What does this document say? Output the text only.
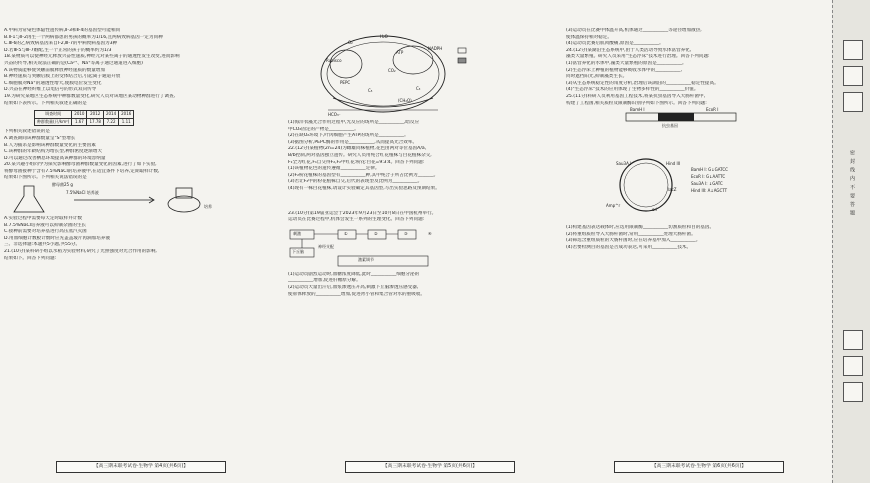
A.甲病为常染色体隐性遗传病,Ⅱ-3和Ⅱ-4的基因型可能相同
B.Ⅱ-1与Ⅱ-2再生一个两病都患的男孩的概率为1/16,且两病致病基因一定为同种
C.Ⅲ-6的乙病致病基因来自Ⅰ-2,Ⅲ-7的甲病致病基因为3种
D.若Ⅲ-5与Ⅲ-7婚配,生一个正常的孩子的概率约为1/3
18.某物质可以使神经元释放兴奋性递质,神经元对某些离子的通透性发生改变,进而影响
兴奋的传导,相关说法正确的是(Ca²⁺、Na⁺等离子通过通道进入细胞)
A.该物质能够使突触前膜释放神经递质的数量增加
B.神经递质与突触后膜上的受体结合后,引起离子通道开放
C.细胞膜对Na⁺的通透性增大,使膜电位发生变化
D.兴奋在神经纤维上以电信号的形式双向传导
19.为研究某地区生态系统中种群数量变化,研究人员对该地区某动物种群进行了调查,
结果如下表所示。下列相关叙述正确的是
调查时间	2010	2012	2014	2016
种群数量(只/km²)	1.67	17.78	7.22	1.11
下列相关叙述错误的是
A.调查期间该种群数量呈"S"型增长
B.人为捕杀是影响该种群数量变化的主要因素
C.该种群的年龄结构为增长型,种群密度逐渐增大
D.可以通过改善栖息环境提高该种群的环境容纳量
20.某兴趣小组同学为探究影响酵母菌种群数量变化的因素,进行了如下实验,
将酵母菌接种于含有7.5%NaCl的培养液中,在适宜条件下培养,定期取样计数,
结果如下图所示。下列相关说法错误的是
酵母菌25 g
7.5%NaCl 培养液
培养
A.实验过程中需要每天定时取样并计数
B.7.5%NaCl培养液可以抑制杂菌的生长
C.接种前需要对培养基进行高压蒸汽灭菌
D.用血细胞计数板计数时应先盖盖玻片再滴加培养液
三、非选择题:本题共5小题,共55分。
21.(10分)某科研小组以水稻为实验材料,研究了光照强度对光合作用的影响,
结果如下。回答下列问题:
【高三期末联考试卷·生物学 第4页(共6页)】
H₂O
O₂
NADPH
ATP
Rubisco
CO₂
PEPC
HCO₃⁻
C₃
C₅
(CH₂O)
(1)海洋衣藻光合作用过程中,光反应的场所是___________,暗反应
中CO₂固定的产物是___________。
(2)在缺O₂环境下,叶肉细胞产生ATP的场所是___________。
(3)据图分析,PEPC酶的作用是___________,从而提高光合效率。
22.(12分)某植物(2n=24)为雌雄同株植物,花色由两对等位基因A/a、
B/b控制,两对基因独立遗传。研究人员用纯合红花植株与白花植株杂交,
F₁全为红花,F₁自交得F₂,F₂中红花∶粉花∶白花=9∶3∶4。回答下列问题:
(1)该植物花色的遗传遵循___________定律。
(2)F₂粉花植株的基因型有___________种,其中纯合子所占比例为_______。
(3)若让F₂中的粉花植株自交,后代的表现型及比例为___________。
(4)现有一株白花植株,请设计实验确定其基因型,写出实验思路及预期结果。
23.(10分)第19届亚运会于2023年9月23日至10月8日在中国杭州举行。
运动员在比赛过程中,机体会发生一系列的生理变化。回答下列问题:
刺激
下丘脑
①	②	③	④
神经支配
激素调节
(1)运动员剧烈运动时,血糖浓度降低,此时___________细胞分泌的
___________增加,促进肝糖原分解。
(2)运动员大量出汗后,血浆渗透压升高,刺激下丘脑渗透压感受器,
使垂体释放的___________增加,促进肾小管和集合管对水的重吸收。
【高三期末联考试卷·生物学 第5页(共6页)】
(3)运动员在比赛中体温升高,机体通过___________等途径增加散热,
使体温保持相对稳定。
(4)运动员比赛后肌肉酸痛,原因是___________。
24.(12分)某湖泊生态系统中,由于人类活动导致水体富营养化,
藻类大量繁殖。研究人员采用"生态浮床"技术进行治理。回答下列问题:
(1)富营养化的水体中,藻类大量繁殖的原因是___________。
(2)生态浮床上种植的植物能够吸收水体中的___________,
同时遮挡阳光,抑制藻类生长。
(3)从生态系统稳定性的角度分析,治理后该湖泊的___________稳定性提高。
(4)"生态浮床"技术的应用体现了生物多样性的___________价值。
25.(11分)科研人员利用基因工程技术,将某抗虫基因导入大肠杆菌中,
构建了工程菌,相关质粒及限制酶识别序列如下图所示。回答下列问题:
BamH I	EcoR I
Sau3A I	Hind III
Amp^r
ori
lacZ
抗虫基因
BamH I: G↓GATCC
EcoR I: G↓AATTC
Sau3A I: ↓GATC
Hind III: A↓AGCTT
(1)构建基因表达载体时,应选用限制酶___________切割质粒和目的基因。
(2)将重组质粒导入大肠杆菌时,常用___________处理大肠杆菌。
(3)筛选含重组质粒的大肠杆菌时,应在培养基中加入___________。
(4)若要检测目的基因是否成功表达,可采用___________技术。
【高三期末联考试卷·生物学 第6页(共6页)】
密 封 线 内 不 要 答 题
